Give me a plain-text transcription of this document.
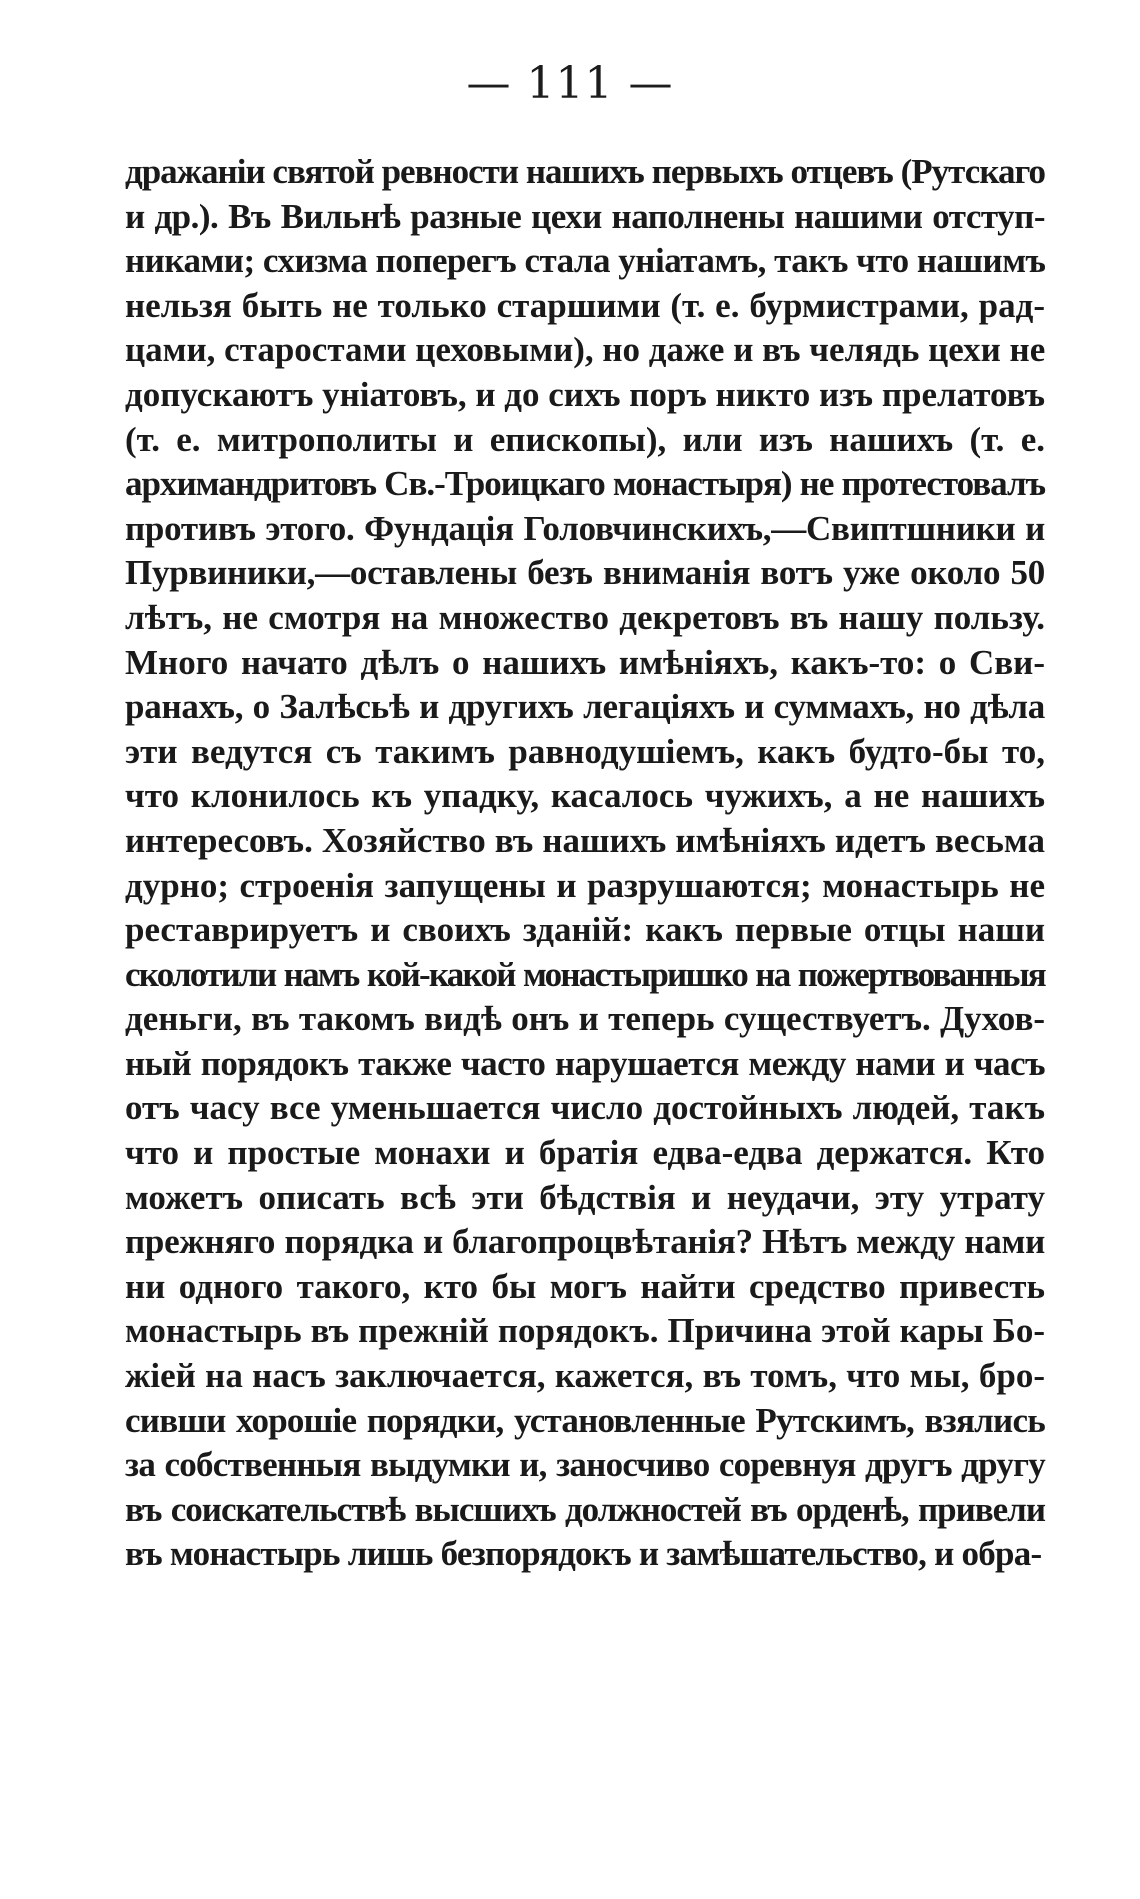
— 111 —
дражаніи святой ревности нашихъ первыхъ отцевъ (Рутскаго
и др.). Въ Вильнѣ разные цехи наполнены нашими отступ-
никами; схизма поперегъ стала уніатамъ, такъ что нашимъ
нельзя быть не только старшими (т. е. бурмистрами, рад-
цами, старостами цеховыми), но даже и въ челядь цехи не
допускаютъ уніатовъ, и до сихъ поръ никто изъ прелатовъ
(т. е. митрополиты и епископы), или изъ нашихъ (т. е.
архимандритовъ Св.-Троицкаго монастыря) не протестовалъ
противъ этого. Фундація Головчинскихъ,—Свиптшники и
Пурвиники,—оставлены безъ вниманія вотъ уже около 50
лѣтъ, не смотря на множество декретовъ въ нашу пользу.
Много начато дѣлъ о нашихъ имѣніяхъ, какъ-то: о Сви-
ранахъ, о Залѣсьѣ и другихъ легаціяхъ и суммахъ, но дѣла
эти ведутся съ такимъ равнодушіемъ, какъ будто-бы то,
что клонилось къ упадку, касалось чужихъ, а не нашихъ
интересовъ. Хозяйство въ нашихъ имѣніяхъ идетъ весьма
дурно; строенія запущены и разрушаются; монастырь не
реставрируетъ и своихъ зданій: какъ первые отцы наши
сколотили намъ кой-какой монастыришко на пожертвованныя
деньги, въ такомъ видѣ онъ и теперь существуетъ. Духов-
ный порядокъ также часто нарушается между нами и часъ
отъ часу все уменьшается число достойныхъ людей, такъ
что и простые монахи и братія едва-едва держатся. Кто
можетъ описать всѣ эти бѣдствія и неудачи, эту утрату
прежняго порядка и благопроцвѣтанія? Нѣтъ между нами
ни одного такого, кто бы могъ найти средство привесть
монастырь въ прежній порядокъ. Причина этой кары Бо-
жіей на насъ заключается, кажется, въ томъ, что мы, бро-
сивши хорошіе порядки, установленные Рутскимъ, взялись
за собственныя выдумки и, заносчиво соревнуя другъ другу
въ соискательствѣ высшихъ должностей въ орденѣ, привели
въ монастырь лишь безпорядокъ и замѣшательство, и обра-
